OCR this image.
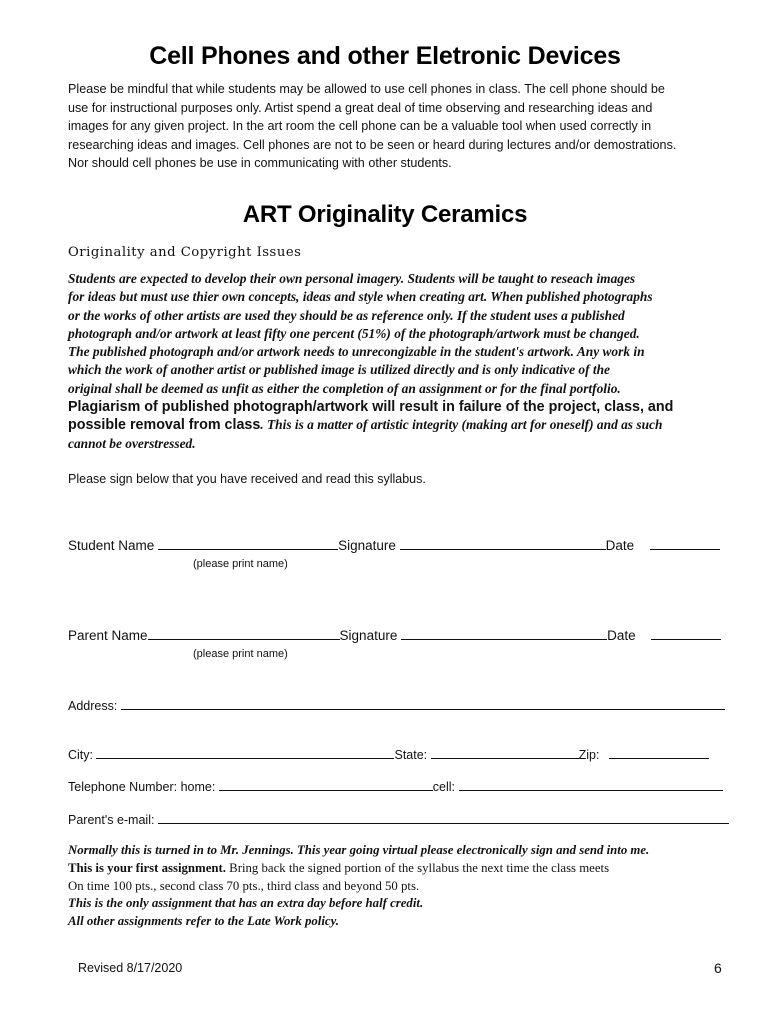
Cell Phones and other Eletronic Devices
Please be mindful that while students may be allowed to use cell phones in class. The cell phone should be
use for instructional purposes only. Artist spend a great deal of time observing and researching ideas and
images for any given project. In the art room the cell phone can be a valuable tool when used correctly in
researching ideas and images. Cell phones are not to be seen or heard during lectures and/or demostrations.
Nor should cell phones be use in communicating with other students.
ART Originality Ceramics
Originality and Copyright Issues
Students are expected to develop their own personal imagery. Students will be taught to reseach images
for ideas but must use thier own concepts, ideas and style when creating art. When published photographs
or the works of other artists are used they should be as reference only. If the student uses a published
photograph and/or artwork at least fifty one percent (51%) of the photograph/artwork must be changed.
The published photograph and/or artwork needs to unrecongizable in the student's artwork. Any work in
which the work of another artist or published image is utilized directly and is only indicative of the
original shall be deemed as unfit as either the completion of an assignment or for the final portfolio.
Plagiarism of published photograph/artwork will result in failure of the project, class, and
possible removal from class. This is a matter of artistic integrity (making art for oneself) and as such
cannot be overstressed.
Please sign below that you have received and read this syllabus.
Student Name	Signature	Date
(please print name)
Parent Name	Signature	Date
(please print name)
Address:
City:	State:	Zip:
Telephone Number: home:	cell:
Parent's e-mail:
Normally this is turned in to Mr. Jennings. This year going virtual please electronically sign and send into me.
This is your first assignment. Bring back the signed portion of the syllabus the next time the class meets
On time 100 pts., second class 70 pts., third class and beyond 50 pts.
This is the only assignment that has an extra day before half credit.
All other assignments refer to the Late Work policy.
Revised 8/17/2020	6
